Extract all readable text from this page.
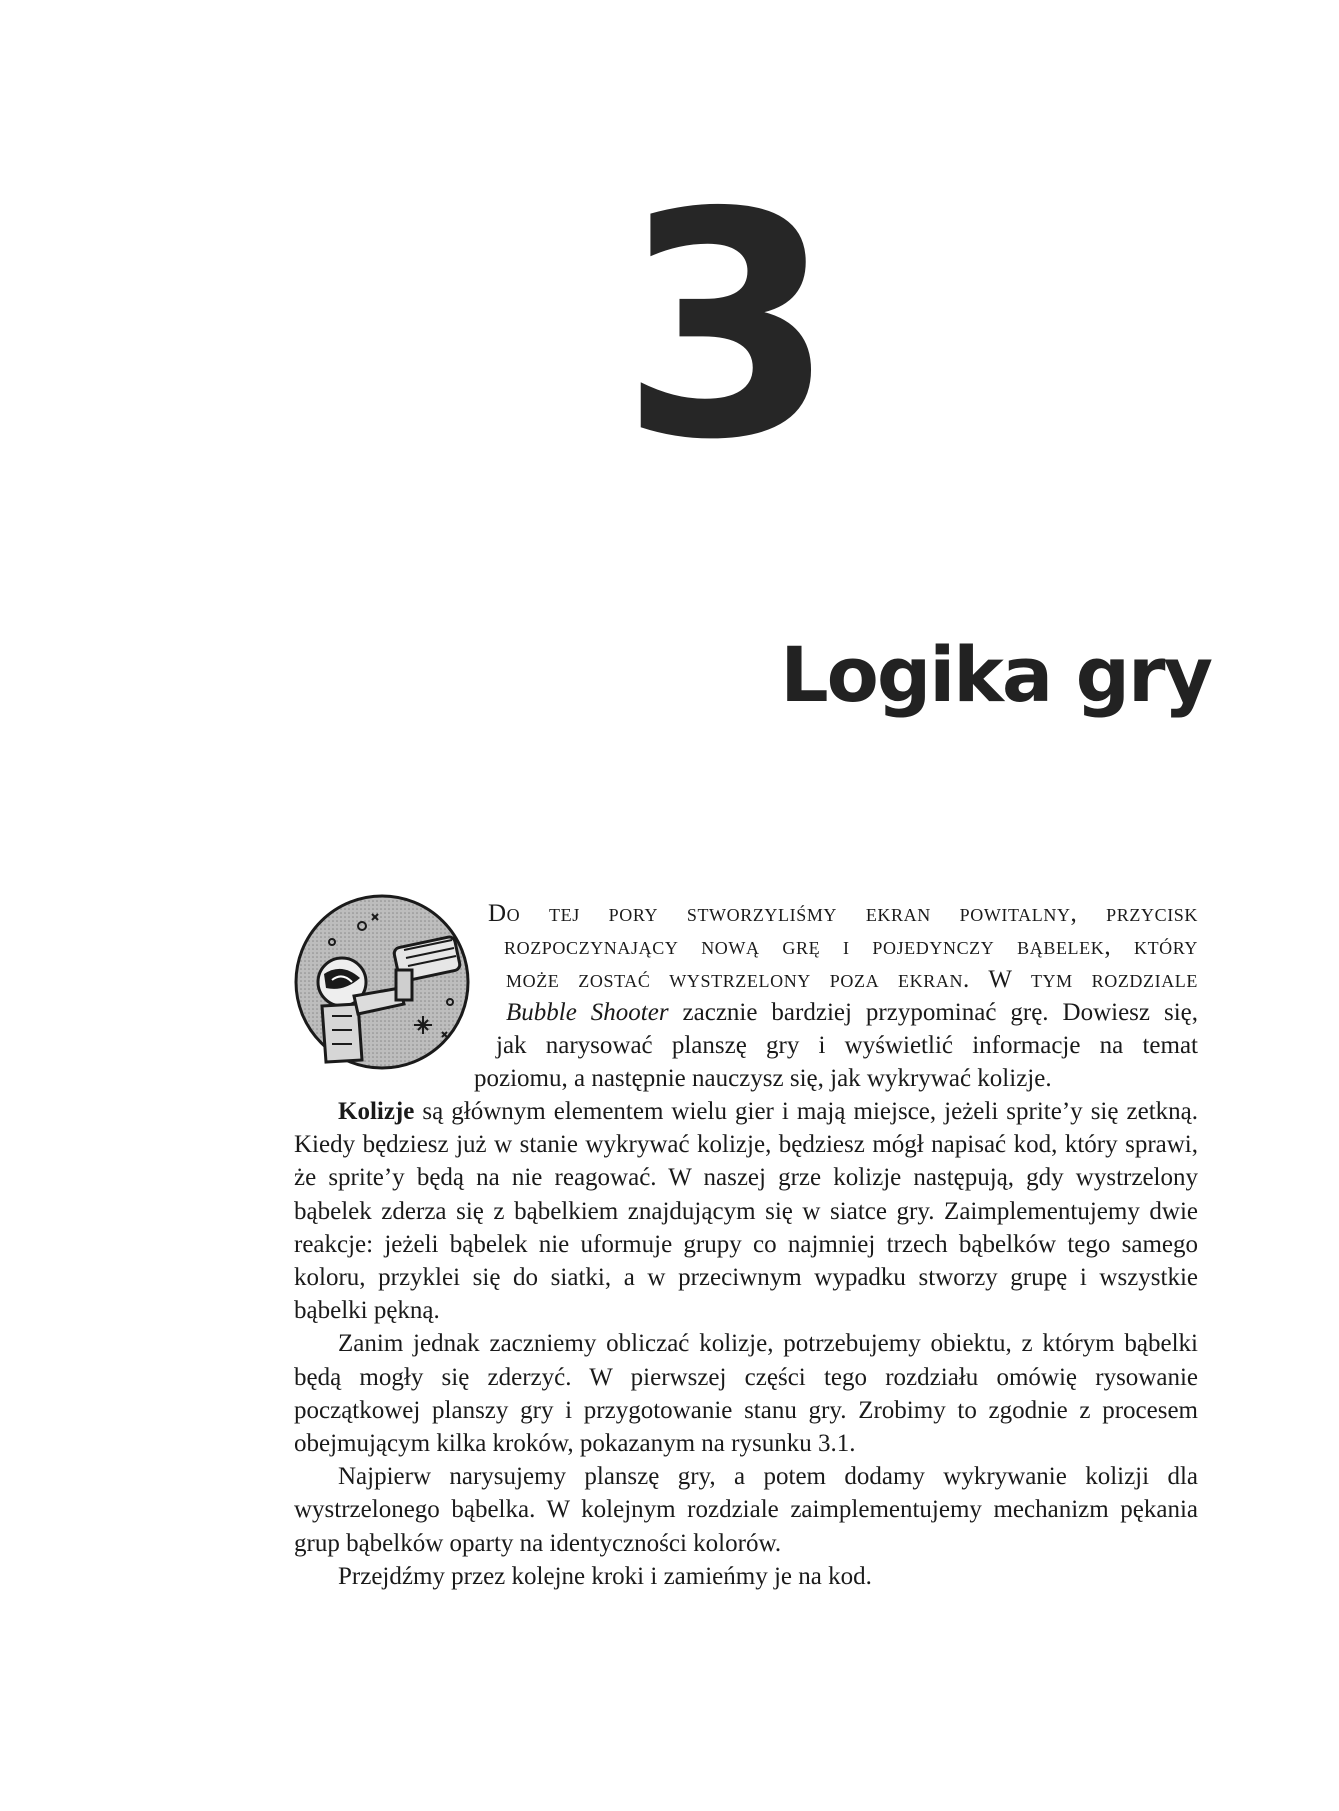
3
Logika gry
Do tej pory stworzyliśmy ekran powitalny, przycisk
rozpoczynający nową grę i pojedynczy bąbelek, który
może zostać wystrzelony poza ekran. W tym rozdziale
Bubble Shooter zacznie bardziej przypominać grę. Dowiesz się,
jak narysować planszę gry i wyświetlić informacje na temat
poziomu, a następnie nauczysz się, jak wykrywać kolizje.

Kolizje są głównym elementem wielu gier i mają miejsce, jeżeli sprite’y się zetkną. Kiedy będziesz już w stanie wykrywać kolizje, będziesz mógł napisać kod, który sprawi, że sprite’y będą na nie reagować. W naszej grze kolizje następują, gdy wystrzelony bąbelek zderza się z bąbelkiem znajdującym się w siatce gry. Zaimplementujemy dwie reakcje: jeżeli bąbelek nie uformuje grupy co najmniej trzech bąbelków tego samego koloru, przyklei się do siatki, a w przeciwnym wypadku stworzy grupę i wszystkie bąbelki pękną.

Zanim jednak zaczniemy obliczać kolizje, potrzebujemy obiektu, z którym bąbelki będą mogły się zderzyć. W pierwszej części tego rozdziału omówię rysowanie początkowej planszy gry i przygotowanie stanu gry. Zrobimy to zgodnie z procesem obejmującym kilka kroków, pokazanym na rysunku 3.1.

Najpierw narysujemy planszę gry, a potem dodamy wykrywanie kolizji dla wystrzelonego bąbelka. W kolejnym rozdziale zaimplementujemy mechanizm pękania grup bąbelków oparty na identyczności kolorów.

Przejdźmy przez kolejne kroki i zamieńmy je na kod.
